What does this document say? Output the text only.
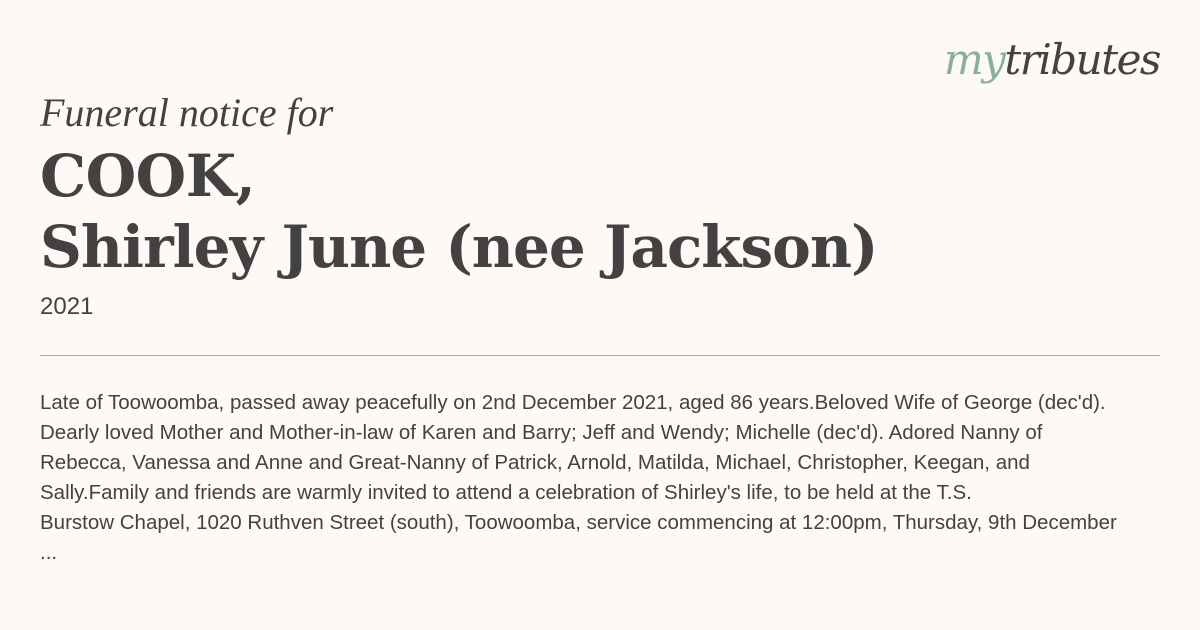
mytributes
Funeral notice for
COOK,
Shirley June (nee Jackson)
2021
Late of Toowoomba, passed away peacefully on 2nd December 2021, aged 86 years.Beloved Wife of George (dec'd).
Dearly loved Mother and Mother-in-law of Karen and Barry; Jeff and Wendy; Michelle (dec'd). Adored Nanny of
Rebecca, Vanessa and Anne and Great-Nanny of Patrick, Arnold, Matilda, Michael, Christopher, Keegan, and
Sally.Family and friends are warmly invited to attend a celebration of Shirley's life, to be held at the T.S.
Burstow Chapel, 1020 Ruthven Street (south), Toowoomba, service commencing at 12:00pm, Thursday, 9th December
...
